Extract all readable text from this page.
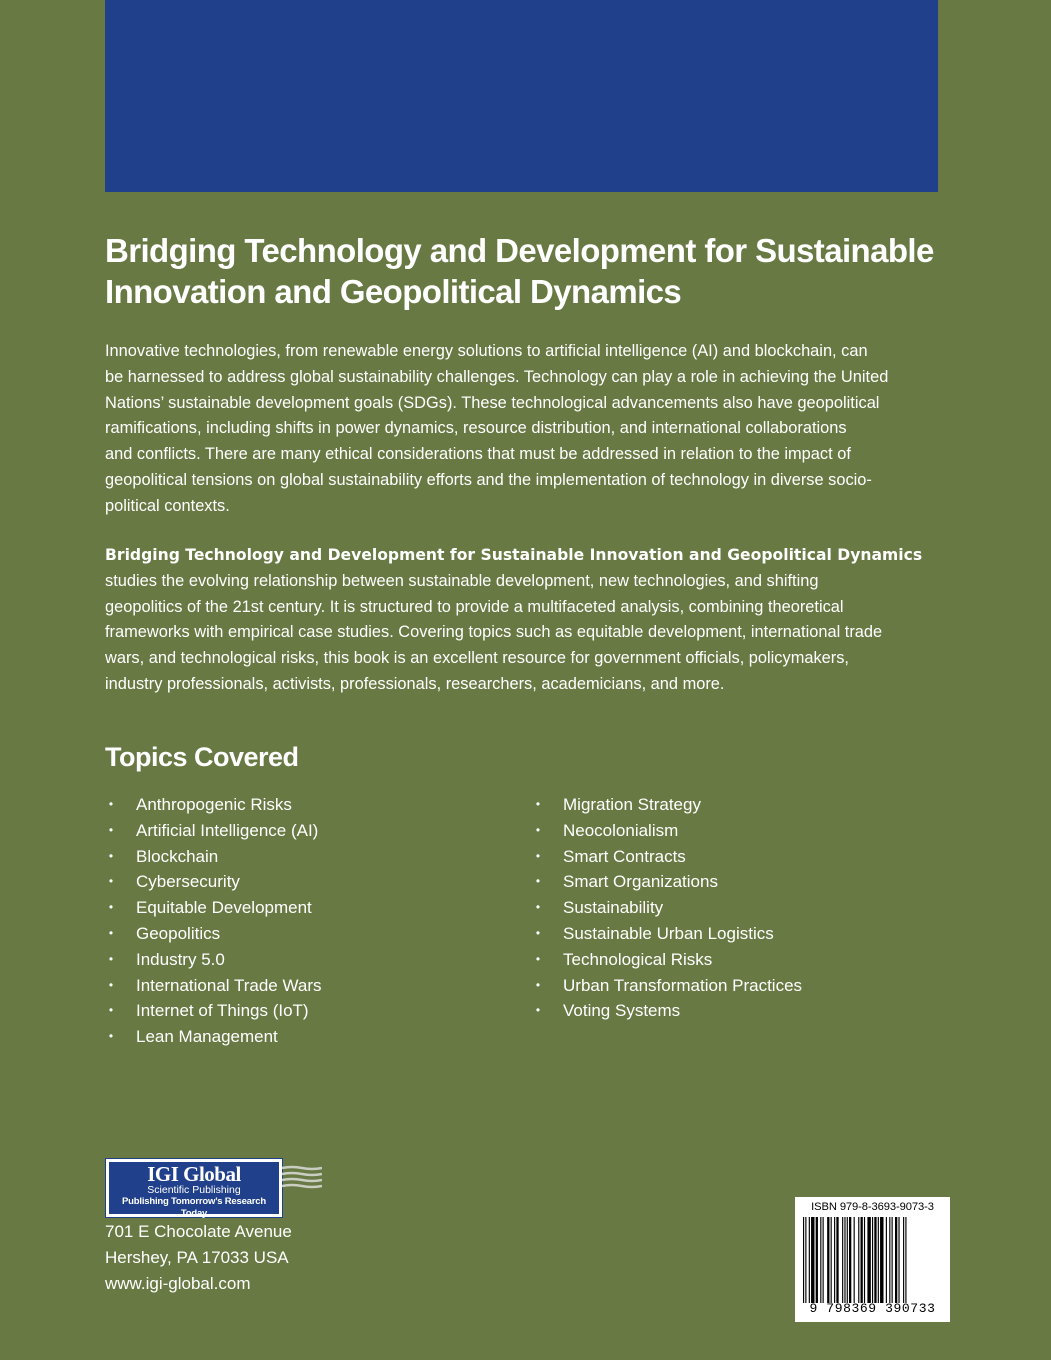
Bridging Technology and Development for Sustainable
Innovation and Geopolitical Dynamics

Innovative technologies, from renewable energy solutions to artificial intelligence (AI) and blockchain, can
be harnessed to address global sustainability challenges. Technology can play a role in achieving the United
Nations’ sustainable development goals (SDGs). These technological advancements also have geopolitical
ramifications, including shifts in power dynamics, resource distribution, and international collaborations
and conflicts. There are many ethical considerations that must be addressed in relation to the impact of
geopolitical tensions on global sustainability efforts and the implementation of technology in diverse socio-
political contexts.

Bridging Technology and Development for Sustainable Innovation and Geopolitical Dynamics
studies the evolving relationship between sustainable development, new technologies, and shifting
geopolitics of the 21st century. It is structured to provide a multifaceted analysis, combining theoretical
frameworks with empirical case studies. Covering topics such as equitable development, international trade
wars, and technological risks, this book is an excellent resource for government officials, policymakers,
industry professionals, activists, professionals, researchers, academicians, and more.

Topics Covered
• Anthropogenic Risks
• Artificial Intelligence (AI)
• Blockchain
• Cybersecurity
• Equitable Development
• Geopolitics
• Industry 5.0
• International Trade Wars
• Internet of Things (IoT)
• Lean Management
• Migration Strategy
• Neocolonialism
• Smart Contracts
• Smart Organizations
• Sustainability
• Sustainable Urban Logistics
• Technological Risks
• Urban Transformation Practices
• Voting Systems
IGI Global
Scientific Publishing
Publishing Tomorrow’s Research Today

701 E Chocolate Avenue
Hershey, PA 17033 USA
www.igi-global.com

ISBN 979-8-3693-9073-3
9 798369 390733
